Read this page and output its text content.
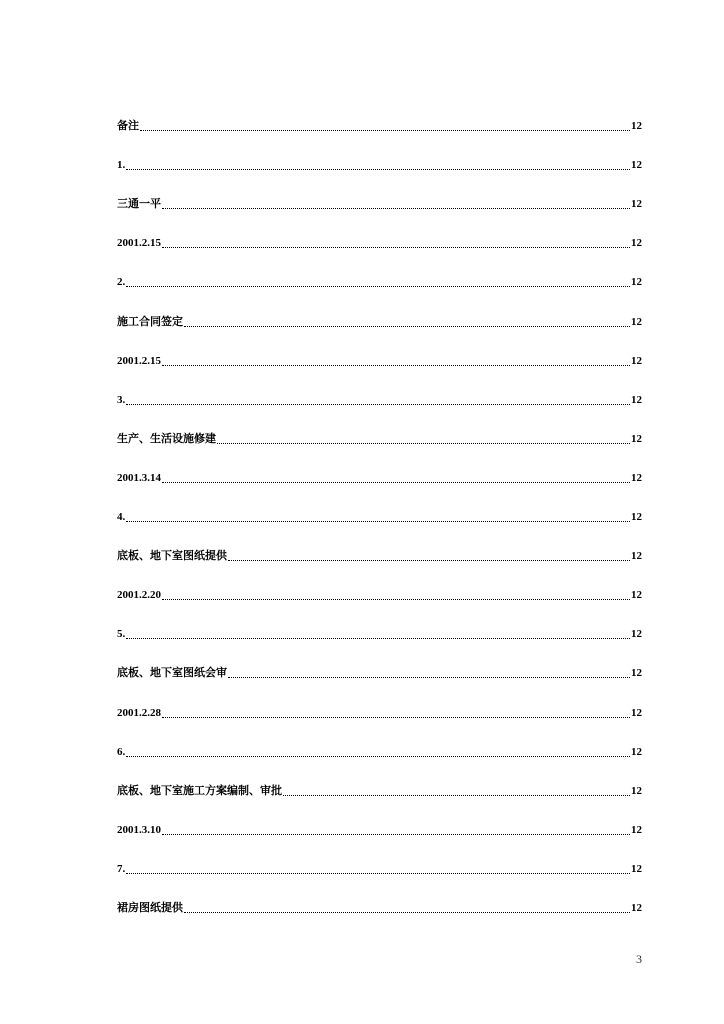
备注	12
1.	12
三通一平	12
2001.2.15	12
2.	12
施工合同签定	12
2001.2.15	12
3.	12
生产、生活设施修建	12
2001.3.14	12
4.	12
底板、地下室图纸提供	12
2001.2.20	12
5.	12
底板、地下室图纸会审	12
2001.2.28	12
6.	12
底板、地下室施工方案编制、审批	12
2001.3.10	12
7.	12
裙房图纸提供	12
3
